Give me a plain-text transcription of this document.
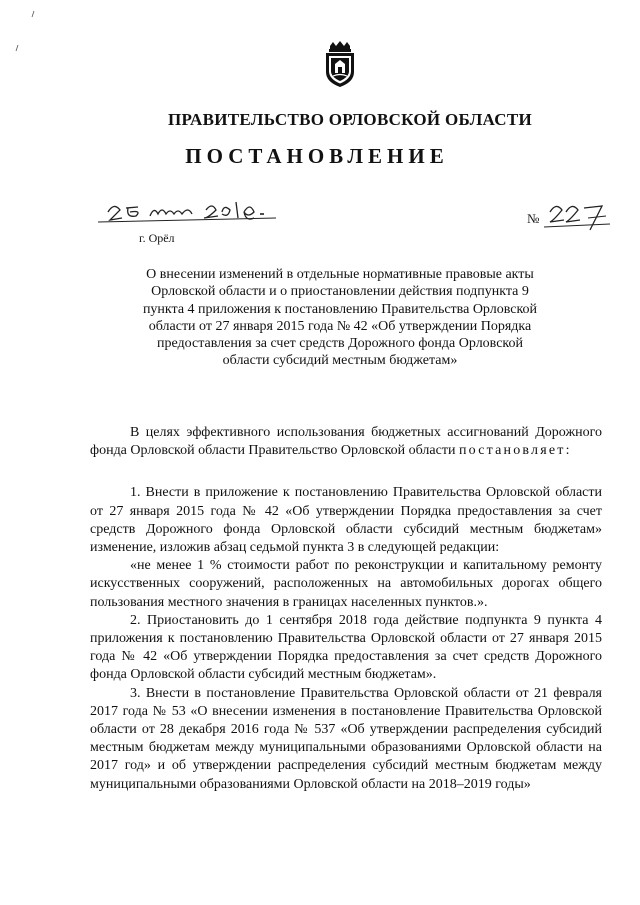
ПРАВИТЕЛЬСТВО ОРЛОВСКОЙ ОБЛАСТИ
ПОСТАНОВЛЕНИЕ
г. Орёл
№
О внесении изменений в отдельные нормативные правовые акты Орловской области и о приостановлении действия подпункта 9 пункта 4 приложения к постановлению Правительства Орловской области от 27 января 2015 года № 42 «Об утверждении Порядка предоставления за счет средств Дорожного фонда Орловской области субсидий местным бюджетам»

В целях эффективного использования бюджетных ассигнований Дорожного фонда Орловской области Правительство Орловской области постановляет:

1. Внести в приложение к постановлению Правительства Орловской области от 27 января 2015 года № 42 «Об утверждении Порядка предоставления за счет средств Дорожного фонда Орловской области субсидий местным бюджетам» изменение, изложив абзац седьмой пункта 3 в следующей редакции:

«не менее 1 % стоимости работ по реконструкции и капитальному ремонту искусственных сооружений, расположенных на автомобильных дорогах общего пользования местного значения в границах населенных пунктов.».

2. Приостановить до 1 сентября 2018 года действие подпункта 9 пункта 4 приложения к постановлению Правительства Орловской области от 27 января 2015 года № 42 «Об утверждении Порядка предоставления за счет средств Дорожного фонда Орловской области субсидий местным бюджетам».

3. Внести в постановление Правительства Орловской области от 21 февраля 2017 года № 53 «О внесении изменения в постановление Правительства Орловской области от 28 декабря 2016 года № 537 «Об утверждении распределения субсидий местным бюджетам между муниципальными образованиями Орловской области на 2017 год» и об утверждении распределения субсидий местным бюджетам между муниципальными образованиями Орловской области на 2018–2019 годы»
